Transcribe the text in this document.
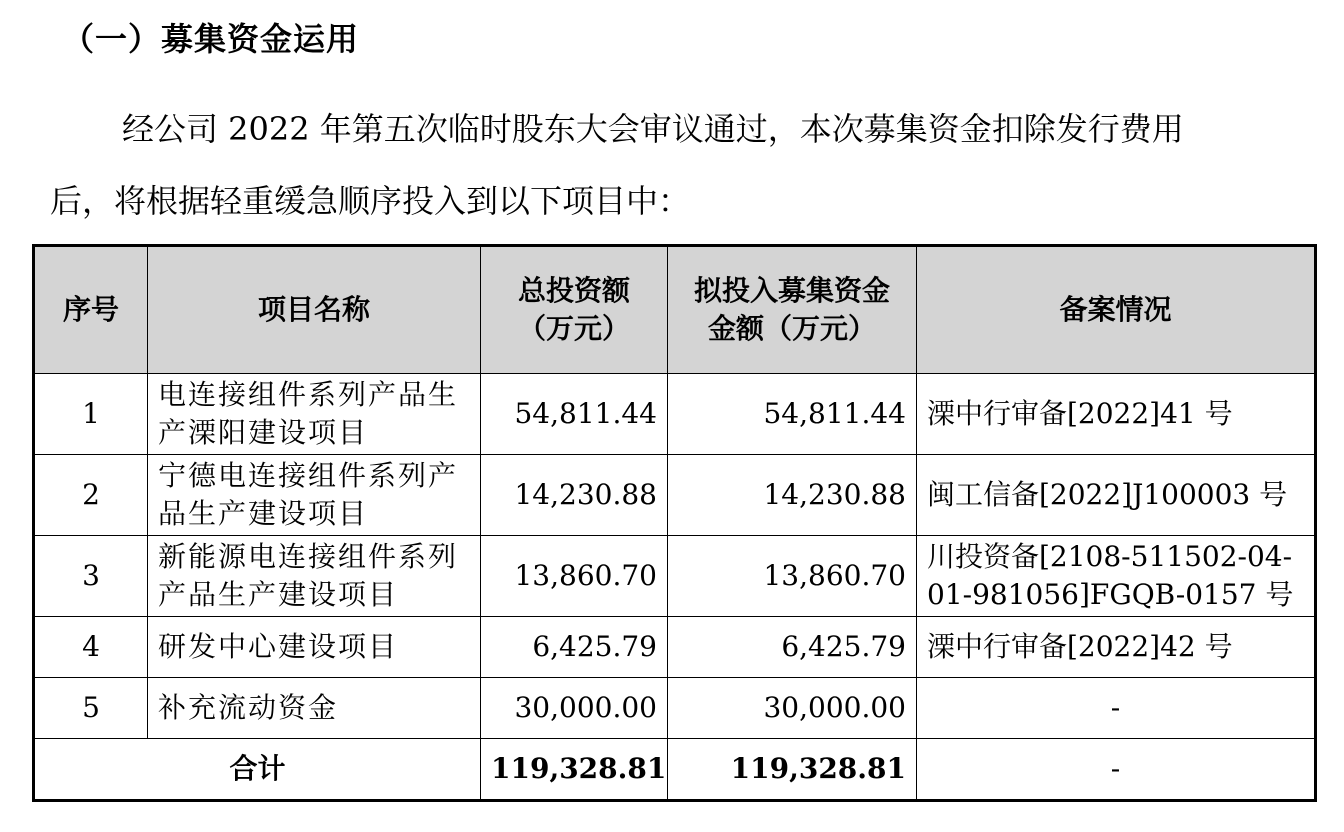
（一）募集资金运用
经公司 2022 年第五次临时股东大会审议通过，本次募集资金扣除发行费用
后，将根据轻重缓急顺序投入到以下项目中：
序号	项目名称	总投资额（万元）	拟投入募集资金金额（万元）	备案情况
1	电连接组件系列产品生产溧阳建设项目	54,811.44	54,811.44	溧中行审备[2022]41 号
2	宁德电连接组件系列产品生产建设项目	14,230.88	14,230.88	闽工信备[2022]J100003 号
3	新能源电连接组件系列产品生产建设项目	13,860.70	13,860.70	川投资备[2108-511502-04-01-981056]FGQB-0157 号
4	研发中心建设项目	6,425.79	6,425.79	溧中行审备[2022]42 号
5	补充流动资金	30,000.00	30,000.00	-
合计		119,328.81	119,328.81	-
